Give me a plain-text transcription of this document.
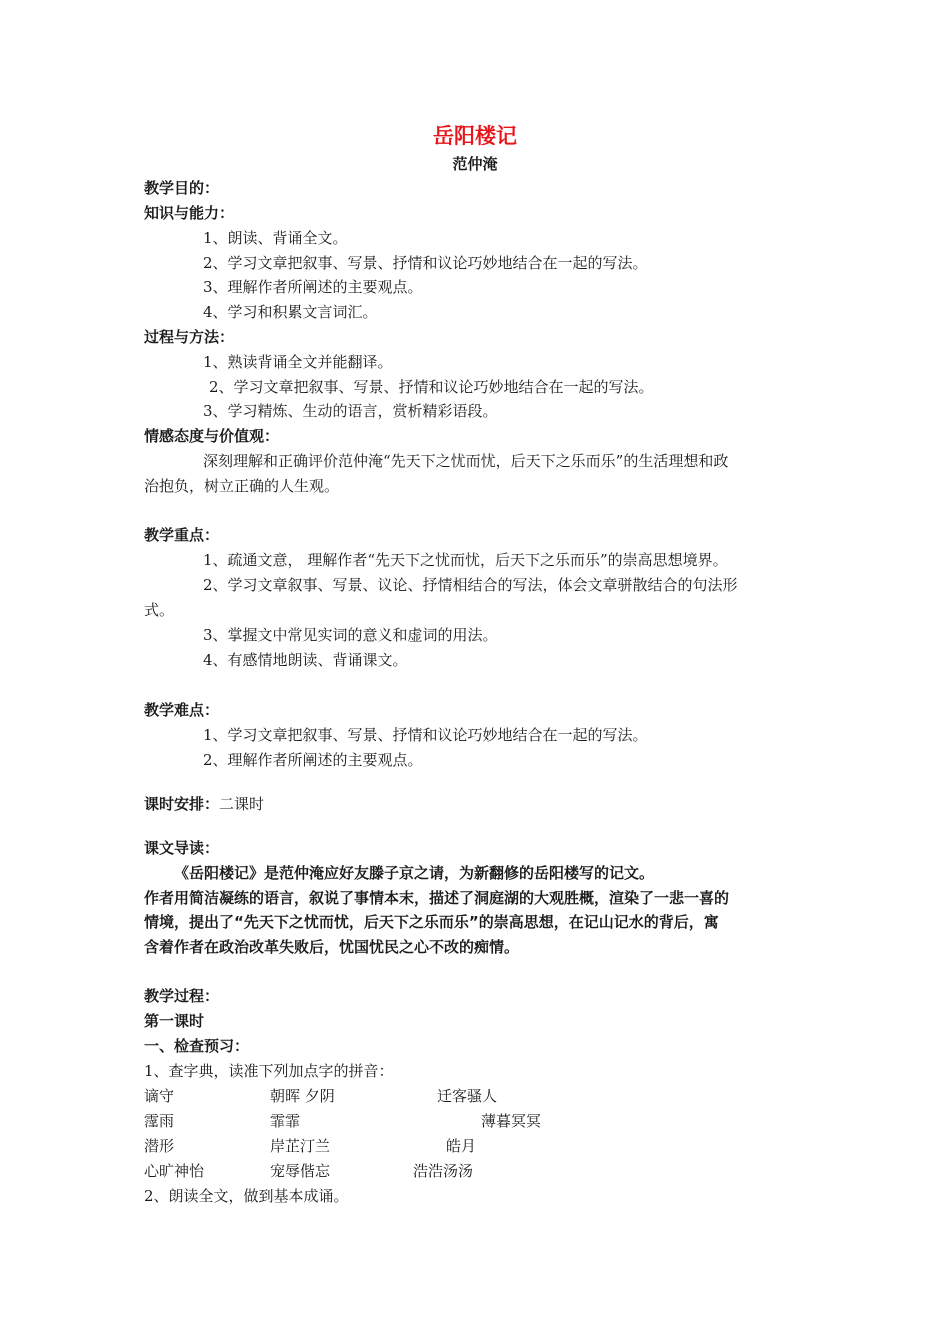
岳阳楼记
范仲淹
教学目的：
知识与能力：
1、朗读、背诵全文。
2、学习文章把叙事、写景、抒情和议论巧妙地结合在一起的写法。
3、理解作者所阐述的主要观点。
4、学习和积累文言词汇。
过程与方法：
1、熟读背诵全文并能翻译。
2、学习文章把叙事、写景、抒情和议论巧妙地结合在一起的写法。
3、学习精炼、生动的语言，赏析精彩语段。
情感态度与价值观：
深刻理解和正确评价范仲淹“先天下之忧而忧，后天下之乐而乐”的生活理想和政
治抱负，树立正确的人生观。
教学重点：
1、疏通文意， 理解作者“先天下之忧而忧，后天下之乐而乐”的崇高思想境界。
2、学习文章叙事、写景、议论、抒情相结合的写法，体会文章骈散结合的句法形
式。
3、掌握文中常见实词的意义和虚词的用法。
4、有感情地朗读、背诵课文。
教学难点：
1、学习文章把叙事、写景、抒情和议论巧妙地结合在一起的写法。
2、理解作者所阐述的主要观点。
课时安排：二课时
课文导读：
《岳阳楼记》是范仲淹应好友滕子京之请，为新翻修的岳阳楼写的记文。
作者用简洁凝练的语言，叙说了事情本末，描述了洞庭湖的大观胜概，渲染了一悲一喜的
情境，提出了“先天下之忧而忧，后天下之乐而乐”的崇高思想，在记山记水的背后，寓
含着作者在政治改革失败后，忧国忧民之心不改的痴情。
教学过程：
第一课时
一、检查预习：
1、查字典，读准下列加点字的拼音：
谪守	朝晖 夕阴	迁客骚人
霪雨	霏霏	薄暮冥冥
潜形	岸芷汀兰	皓月
心旷神怡	宠辱偕忘	浩浩汤汤
2、朗读全文，做到基本成诵。
